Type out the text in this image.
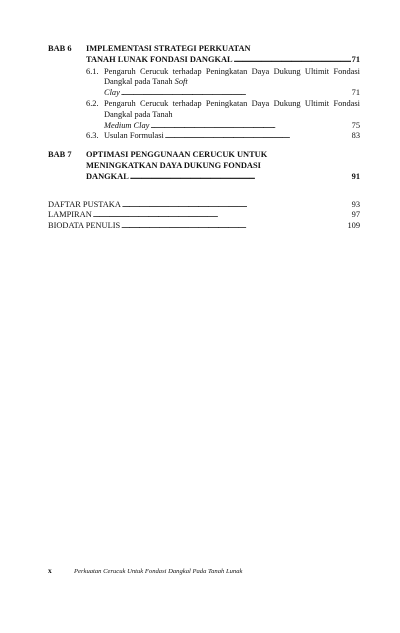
BAB 6 IMPLEMENTASI STRATEGI PERKUATAN
TANAH LUNAK FONDASI DANGKAL . . .	71
6.1. Pengaruh Cerucuk terhadap Peningkatan Daya Dukung Ultimit Fondasi Dangkal pada Tanah Soft
Clay . . .	71
6.2. Pengaruh Cerucuk terhadap Peningkatan Daya Dukung Ultimit Fondasi Dangkal pada Tanah
Medium Clay . . .	75
6.3. Usulan Formulasi . . .	83
BAB 7 OPTIMASI PENGGUNAAN CERUCUK UNTUK
MENINGKATKAN DAYA DUKUNG FONDASI
DANGKAL . . .	91
DAFTAR PUSTAKA . . .	93
LAMPIRAN . . .	97
BIODATA PENULIS . . .	109
x	Perkuatan Cerucuk Untuk Fondasi Dangkal Pada Tanah Lunak
